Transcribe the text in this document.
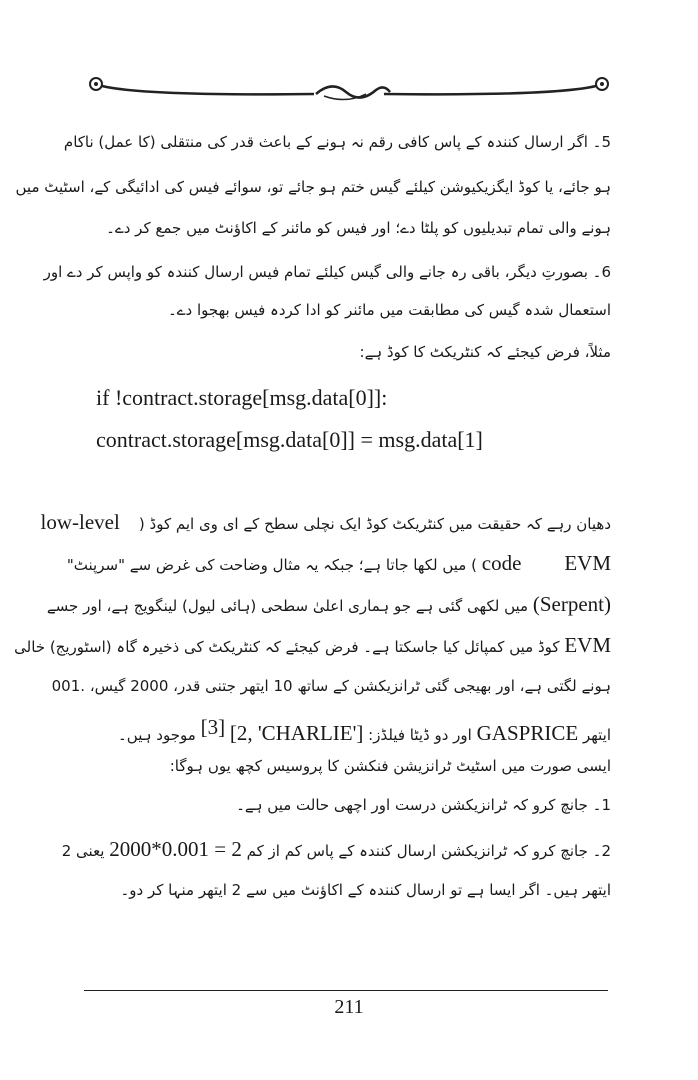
5۔ اگر ارسال کنندہ کے پاس کافی رقم نہ ہونے کے باعث قدر کی منتقلی (کا عمل) ناکام
ہو جائے، یا کوڈ ایگزیکیوشن کیلئے گیس ختم ہو جائے تو، سوائے فیس کی ادائیگی کے، اسٹیٹ میں
ہونے والی تمام تبدیلیوں کو پلٹا دے؛ اور فیس کو مائنر کے اکاؤنٹ میں جمع کر دے۔
6۔ بصورتِ دیگر، باقی رہ جانے والی گیس کیلئے تمام فیس ارسال کنندہ کو واپس کر دے اور
استعمال شدہ گیس کی مطابقت میں مائنر کو ادا کردہ فیس بھجوا دے۔
مثلاً، فرض کیجئے کہ کنٹریکٹ کا کوڈ ہے:
if !contract.storage[msg.data[0]]:
contract.storage[msg.data[0]] = msg.data[1]
دھیان رہے کہ حقیقت میں کنٹریکٹ کوڈ ایک نچلی سطح کے ای وی ایم کوڈ (    low-level
code EVM ) میں لکھا جاتا ہے؛ جبکہ یہ مثال وضاحت کی غرض سے "سرپنٹ"
(Serpent) میں لکھی گئی ہے جو ہماری اعلیٰ سطحی (ہائی لیول) لینگویج ہے، اور جسے
EVM کوڈ میں کمپائل کیا جاسکتا ہے۔ فرض کیجئے کہ کنٹریکٹ کی ذخیرہ گاہ (اسٹوریج) خالی
ہونے لگتی ہے، اور بھیجی گئی ٹرانزیکشن کے ساتھ 10 ایتھر جتنی قدر، 2000 گیس، .001
ایتھر GASPRICE اور دو ڈیٹا فیلڈز: [2, 'CHARLIE'] [3] موجود ہیں۔
ایسی صورت میں اسٹیٹ ٹرانزیشن فنکشن کا پروسیس کچھ یوں ہوگا:
1۔ جانچ کرو کہ ٹرانزیکشن درست اور اچھی حالت میں ہے۔
2۔ جانچ کرو کہ ٹرانزیکشن ارسال کنندہ کے پاس کم از کم 2000*0.001 = 2 یعنی 2
ایتھر ہیں۔ اگر ایسا ہے تو ارسال کنندہ کے اکاؤنٹ میں سے 2 ایتھر منہا کر دو۔
211
